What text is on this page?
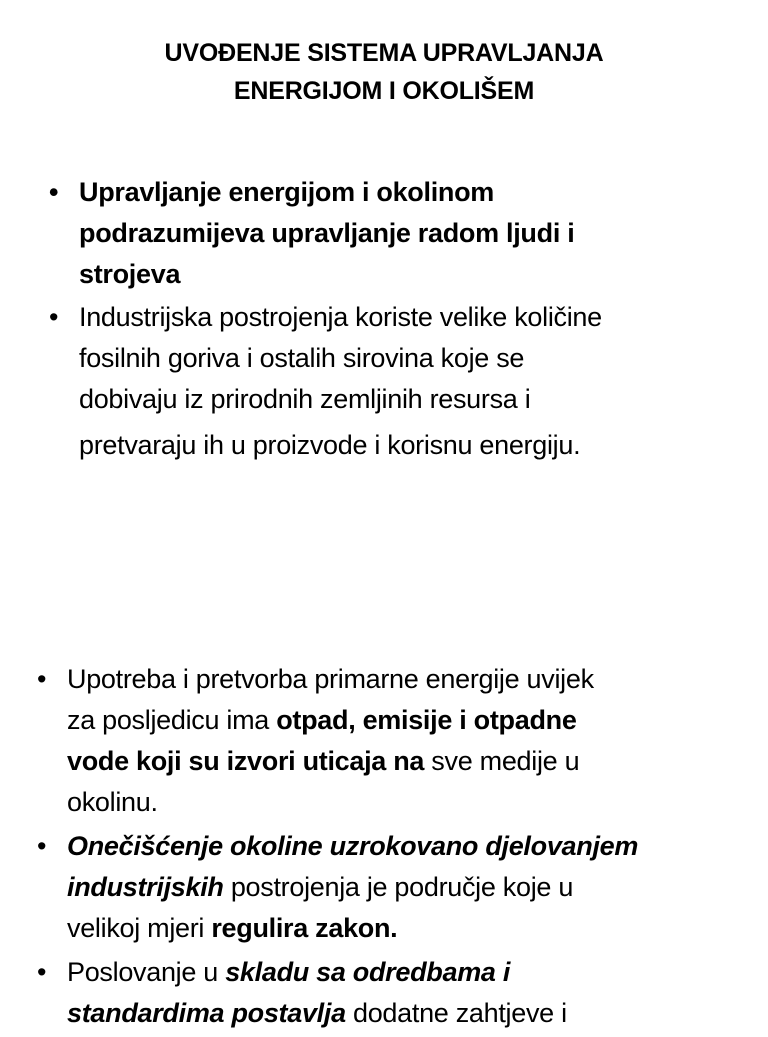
UVOĐENJE SISTEMA UPRAVLJANJA
ENERGIJOM I OKOLIŠEM
• Upravljanje energijom i okolinom
podrazumijeva upravljanje radom ljudi i
strojeva
• Industrijska postrojenja koriste velike količine
fosilnih goriva i ostalih sirovina koje se
dobivaju iz prirodnih zemljinih resursa i
pretvaraju ih u proizvode i korisnu energiju.
• Upotreba i pretvorba primarne energije uvijek
za posljedicu ima otpad, emisije i otpadne
vode koji su izvori uticaja na sve medije u
okolinu.
• Onečišćenje okoline uzrokovano djelovanjem
industrijskih postrojenja je područje koje u
velikoj mjeri regulira zakon.
• Poslovanje u skladu sa odredbama i
standardima postavlja dodatne zahtjeve i
